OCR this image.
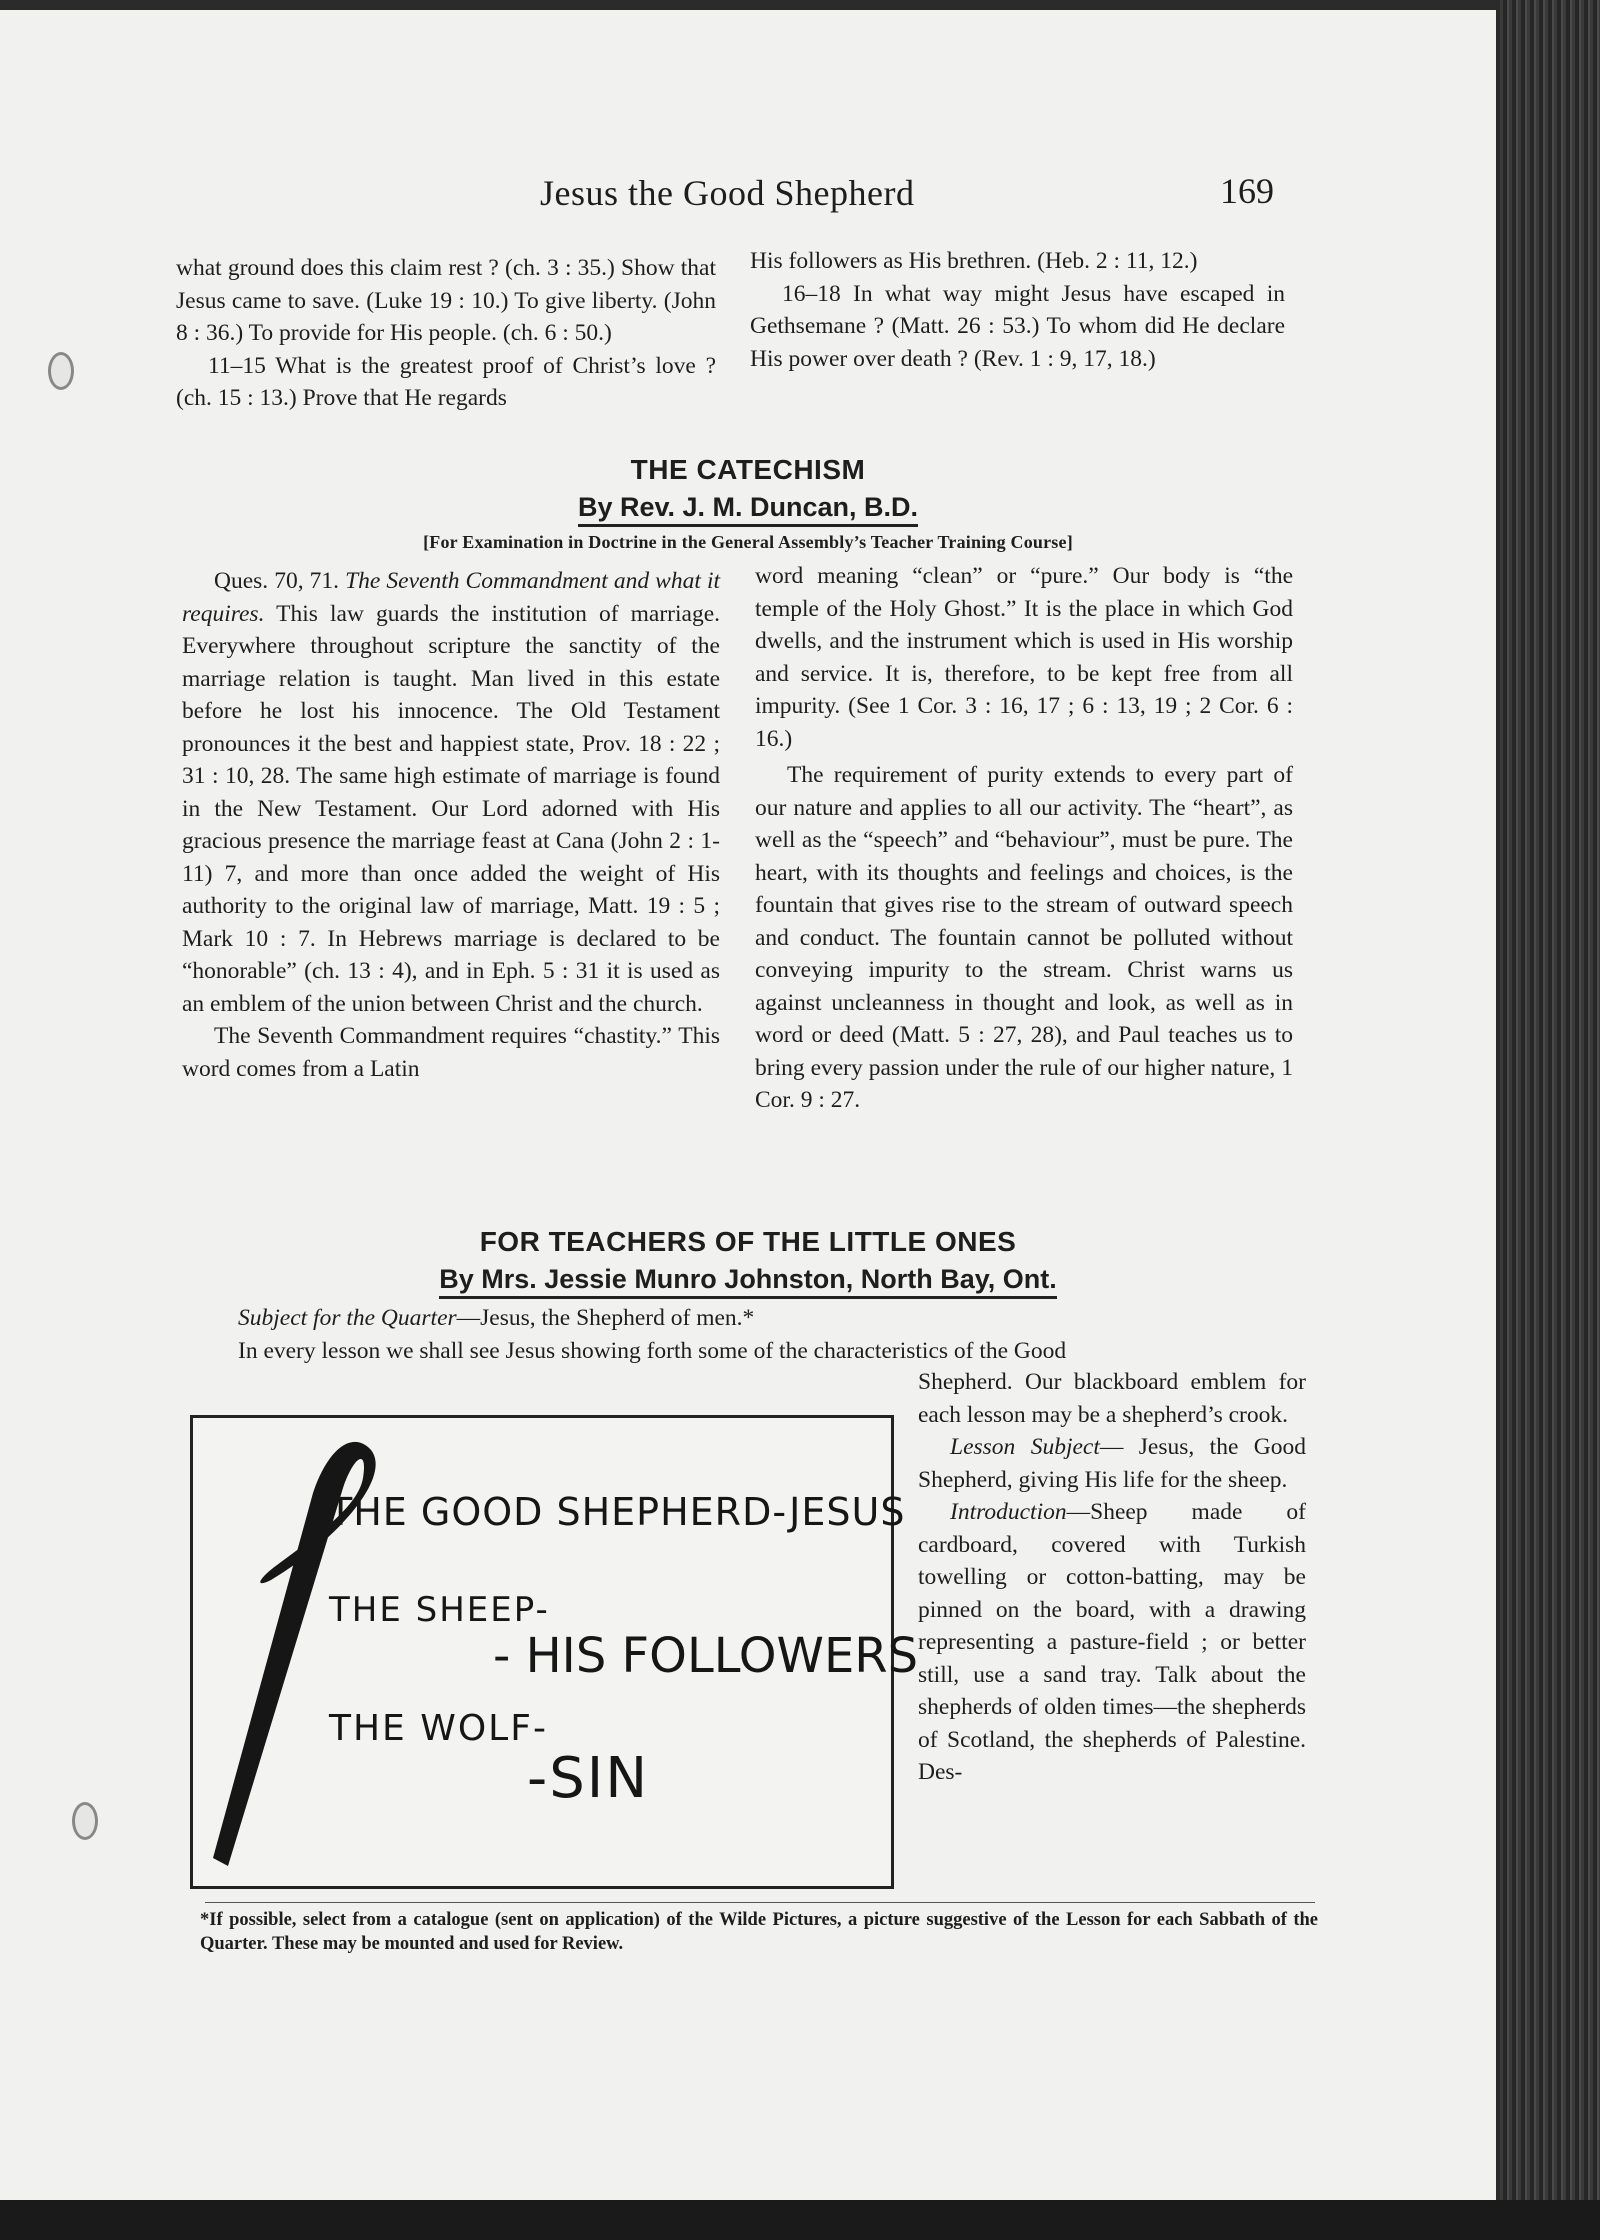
Jesus the Good Shepherd	169

what ground does this claim rest ? (ch. 3 : 35.) Show that Jesus came to save. (Luke 19 : 10.) To give liberty. (John 8 : 36.) To provide for His people. (ch. 6 : 50.)

11–15 What is the greatest proof of Christ’s love ? (ch. 15 : 13.) Prove that He regards

His followers as His brethren. (Heb. 2 : 11, 12.)

16–18 In what way might Jesus have escaped in Gethsemane ? (Matt. 26 : 53.) To whom did He declare His power over death ? (Rev. 1 : 9, 17, 18.)

THE CATECHISM
By Rev. J. M. Duncan, B.D.
[For Examination in Doctrine in the General Assembly’s Teacher Training Course]

Ques. 70, 71. The Seventh Commandment and what it requires. This law guards the institution of marriage. Everywhere throughout scripture the sanctity of the marriage relation is taught. Man lived in this estate before he lost his innocence. The Old Testament pronounces it the best and happiest state, Prov. 18 : 22 ; 31 : 10, 28. The same high estimate of marriage is found in the New Testament. Our Lord adorned with His gracious presence the marriage feast at Cana (John 2 : 1-11) 7, and more than once added the weight of His authority to the original law of marriage, Matt. 19 : 5 ; Mark 10 : 7. In Hebrews marriage is declared to be “honorable” (ch. 13 : 4), and in Eph. 5 : 31 it is used as an emblem of the union between Christ and the church.

The Seventh Commandment requires “chastity.” This word comes from a Latin

word meaning “clean” or “pure.” Our body is “the temple of the Holy Ghost.” It is the place in which God dwells, and the instrument which is used in His worship and service. It is, therefore, to be kept free from all impurity. (See 1 Cor. 3 : 16, 17 ; 6 : 13, 19 ; 2 Cor. 6 : 16.)

The requirement of purity extends to every part of our nature and applies to all our activity. The “heart”, as well as the “speech” and “behaviour”, must be pure. The heart, with its thoughts and feelings and choices, is the fountain that gives rise to the stream of outward speech and conduct. The fountain cannot be polluted without conveying impurity to the stream. Christ warns us against uncleanness in thought and look, as well as in word or deed (Matt. 5 : 27, 28), and Paul teaches us to bring every passion under the rule of our higher nature, 1 Cor. 9 : 27.

FOR TEACHERS OF THE LITTLE ONES
By Mrs. Jessie Munro Johnston, North Bay, Ont.

Subject for the Quarter—Jesus, the Shepherd of men.*

In every lesson we shall see Jesus showing forth some of the characteristics of the Good

Shepherd. Our blackboard emblem for each lesson may be a shepherd’s crook.

Lesson Subject— Jesus, the Good Shepherd, giving His life for the sheep.

Introduction—Sheep made of cardboard, covered with Turkish towelling or cotton-batting, may be pinned on the board, with a drawing representing a pasture-field ; or better still, use a sand tray. Talk about the shepherds of olden times—the shepherds of Scotland, the shepherds of Palestine. Des-

THE GOOD SHEPHERD-JESUS
THE SHEEP-
- HIS FOLLOWERS
THE WOLF-
-SIN
*If possible, select from a catalogue (sent on application) of the Wilde Pictures, a picture suggestive of the Lesson for each Sabbath of the Quarter. These may be mounted and used for Review.
